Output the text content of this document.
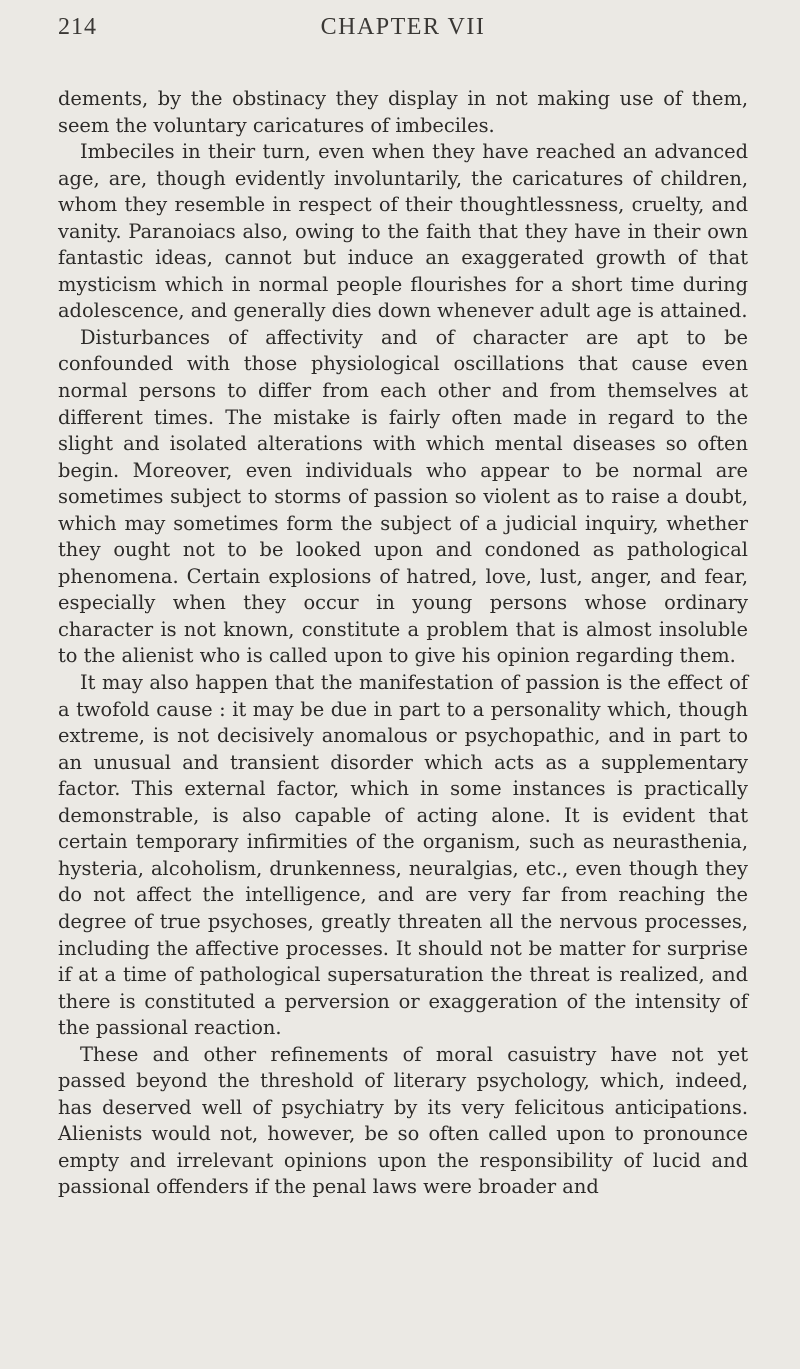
214	CHAPTER VII

dements, by the obstinacy they display in not making use of them, seem the voluntary caricatures of imbeciles.

Imbeciles in their turn, even when they have reached an advanced age, are, though evidently involuntarily, the caricatures of children, whom they resemble in respect of their thoughtlessness, cruelty, and vanity. Paranoiacs also, owing to the faith that they have in their own fantastic ideas, cannot but induce an exaggerated growth of that mysticism which in normal people flourishes for a short time during adolescence, and generally dies down whenever adult age is attained.

Disturbances of affectivity and of character are apt to be confounded with those physiological oscillations that cause even normal persons to differ from each other and from themselves at different times. The mistake is fairly often made in regard to the slight and isolated alterations with which mental diseases so often begin. Moreover, even individuals who appear to be normal are sometimes subject to storms of passion so violent as to raise a doubt, which may sometimes form the subject of a judicial inquiry, whether they ought not to be looked upon and condoned as pathological phenomena. Certain explosions of hatred, love, lust, anger, and fear, especially when they occur in young persons whose ordinary character is not known, constitute a problem that is almost insoluble to the alienist who is called upon to give his opinion regarding them.

It may also happen that the manifestation of passion is the effect of a twofold cause : it may be due in part to a personality which, though extreme, is not decisively anomalous or psychopathic, and in part to an unusual and transient disorder which acts as a supplementary factor. This external factor, which in some instances is practically demonstrable, is also capable of acting alone. It is evident that certain temporary infirmities of the organism, such as neurasthenia, hysteria, alcoholism, drunkenness, neuralgias, etc., even though they do not affect the intelligence, and are very far from reaching the degree of true psychoses, greatly threaten all the nervous processes, including the affective processes. It should not be matter for surprise if at a time of pathological supersaturation the threat is realized, and there is constituted a perversion or exaggeration of the intensity of the passional reaction.

These and other refinements of moral casuistry have not yet passed beyond the threshold of literary psychology, which, indeed, has deserved well of psychiatry by its very felicitous anticipations. Alienists would not, however, be so often called upon to pronounce empty and irrelevant opinions upon the responsibility of lucid and passional offenders if the penal laws were broader and
